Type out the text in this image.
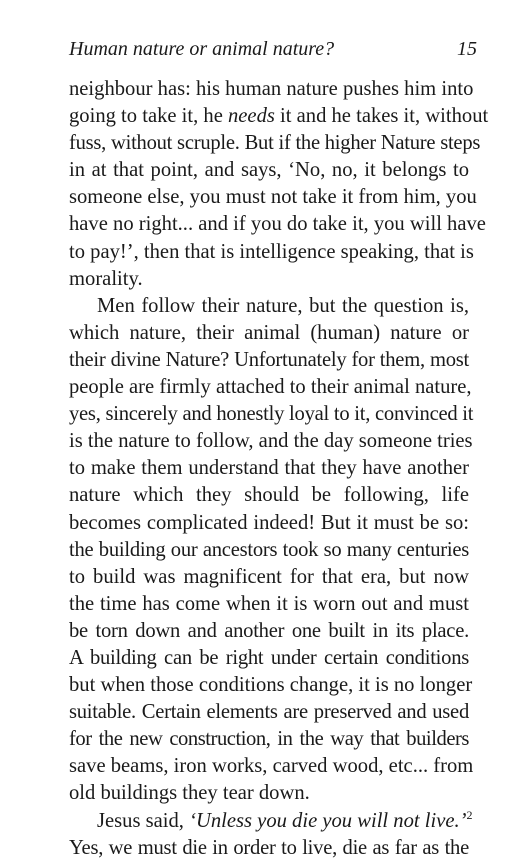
Human nature or animal nature?	15
neighbour has: his human nature pushes him into
going to take it, he needs it and he takes it, without
fuss, without scruple. But if the higher Nature steps
in at that point, and says, ‘No, no, it belongs to
someone else, you must not take it from him, you
have no right... and if you do take it, you will have
to pay!’, then that is intelligence speaking, that is
morality.
Men follow their nature, but the question is,
which nature, their animal (human) nature or
their divine Nature? Unfortunately for them, most
people are firmly attached to their animal nature,
yes, sincerely and honestly loyal to it, convinced it
is the nature to follow, and the day someone tries
to make them understand that they have another
nature which they should be following, life
becomes complicated indeed! But it must be so:
the building our ancestors took so many centuries
to build was magnificent for that era, but now
the time has come when it is worn out and must
be torn down and another one built in its place.
A building can be right under certain conditions
but when those conditions change, it is no longer
suitable. Certain elements are preserved and used
for the new construction, in the way that builders
save beams, iron works, carved wood, etc... from
old buildings they tear down.
Jesus said, ‘Unless you die you will not live.’$^2$
Yes, we must die in order to live, die as far as the
